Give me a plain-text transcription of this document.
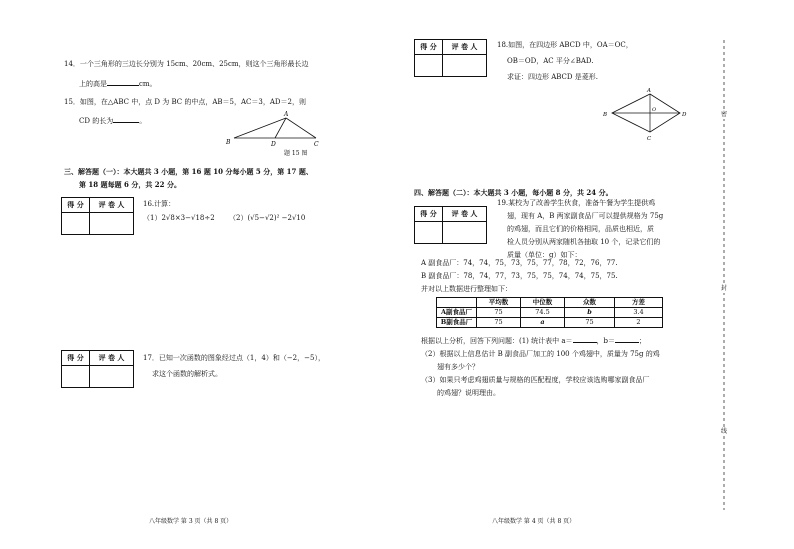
14．一个三角形的三边长分别为 15cm、20cm、25cm，则这个三角形最长边
上的高是	cm。
15．如图，在△ABC 中，点 D 为 BC 的中点，AB＝5，AC＝3，AD＝2，则
CD 的长为	。
A
B	D	C
题 15 图
三、解答题（一）：本大题共 3 小题，第 16 题 10 分每小题 5 分，第 17 题、
第 18 题每题 6 分，共 22 分。
得 分	评 卷 人
		16.计算：
（1）2√8×3−√18÷2 （2）(√5−√2)² −2√10
得 分	评 卷 人
		17．已知一次函数的图象经过点（1，4）和（−2，−5），
求这个函数的解析式。
八年级数学 第 3 页（共 8 页）
得 分	评 卷 人
		18.如图，在四边形 ABCD 中，OA＝OC，
OB＝OD，AC 平分∠BAD.
求证：四边形 ABCD 是菱形.
A
B
O
D
C
四、解答题（二）：本大题共 3 小题，每小题 8 分，共 24 分。
得 分	评 卷 人

19.某校为了改善学生伙食，准备午餐为学生提供鸡
翅，现有 A，B 两家副食品厂可以提供规格为 75g
的鸡翅，而且它们的价格相同，品质也相近，质
检人员分别从两家随机各抽取 10 个，记录它们的
质量（单位：g）如下：
A 副食品厂：74，74，75，73，75，77，78，72，76，77.
B 副食品厂：78，74，77，73，75，75，74，74，75，75.
并对以上数据进行整理如下：
	平均数	中位数	众数	方差
A副食品厂	75	74.5	b	3.4
B副食品厂	75	a	75	2
根据以上分析，回答下列问题：(1) 统计表中 a＝	，b＝	；
（2）根据以上信息估计 B 副食品厂加工的 100 个鸡翅中，质量为 75g 的鸡
翅有多少个？
（3）如果只考虑鸡翅质量与规格的匹配程度，学校应该选购哪家副食品厂
的鸡翅？说明理由。
八年级数学 第 4 页（共 8 页）
密
封
线
